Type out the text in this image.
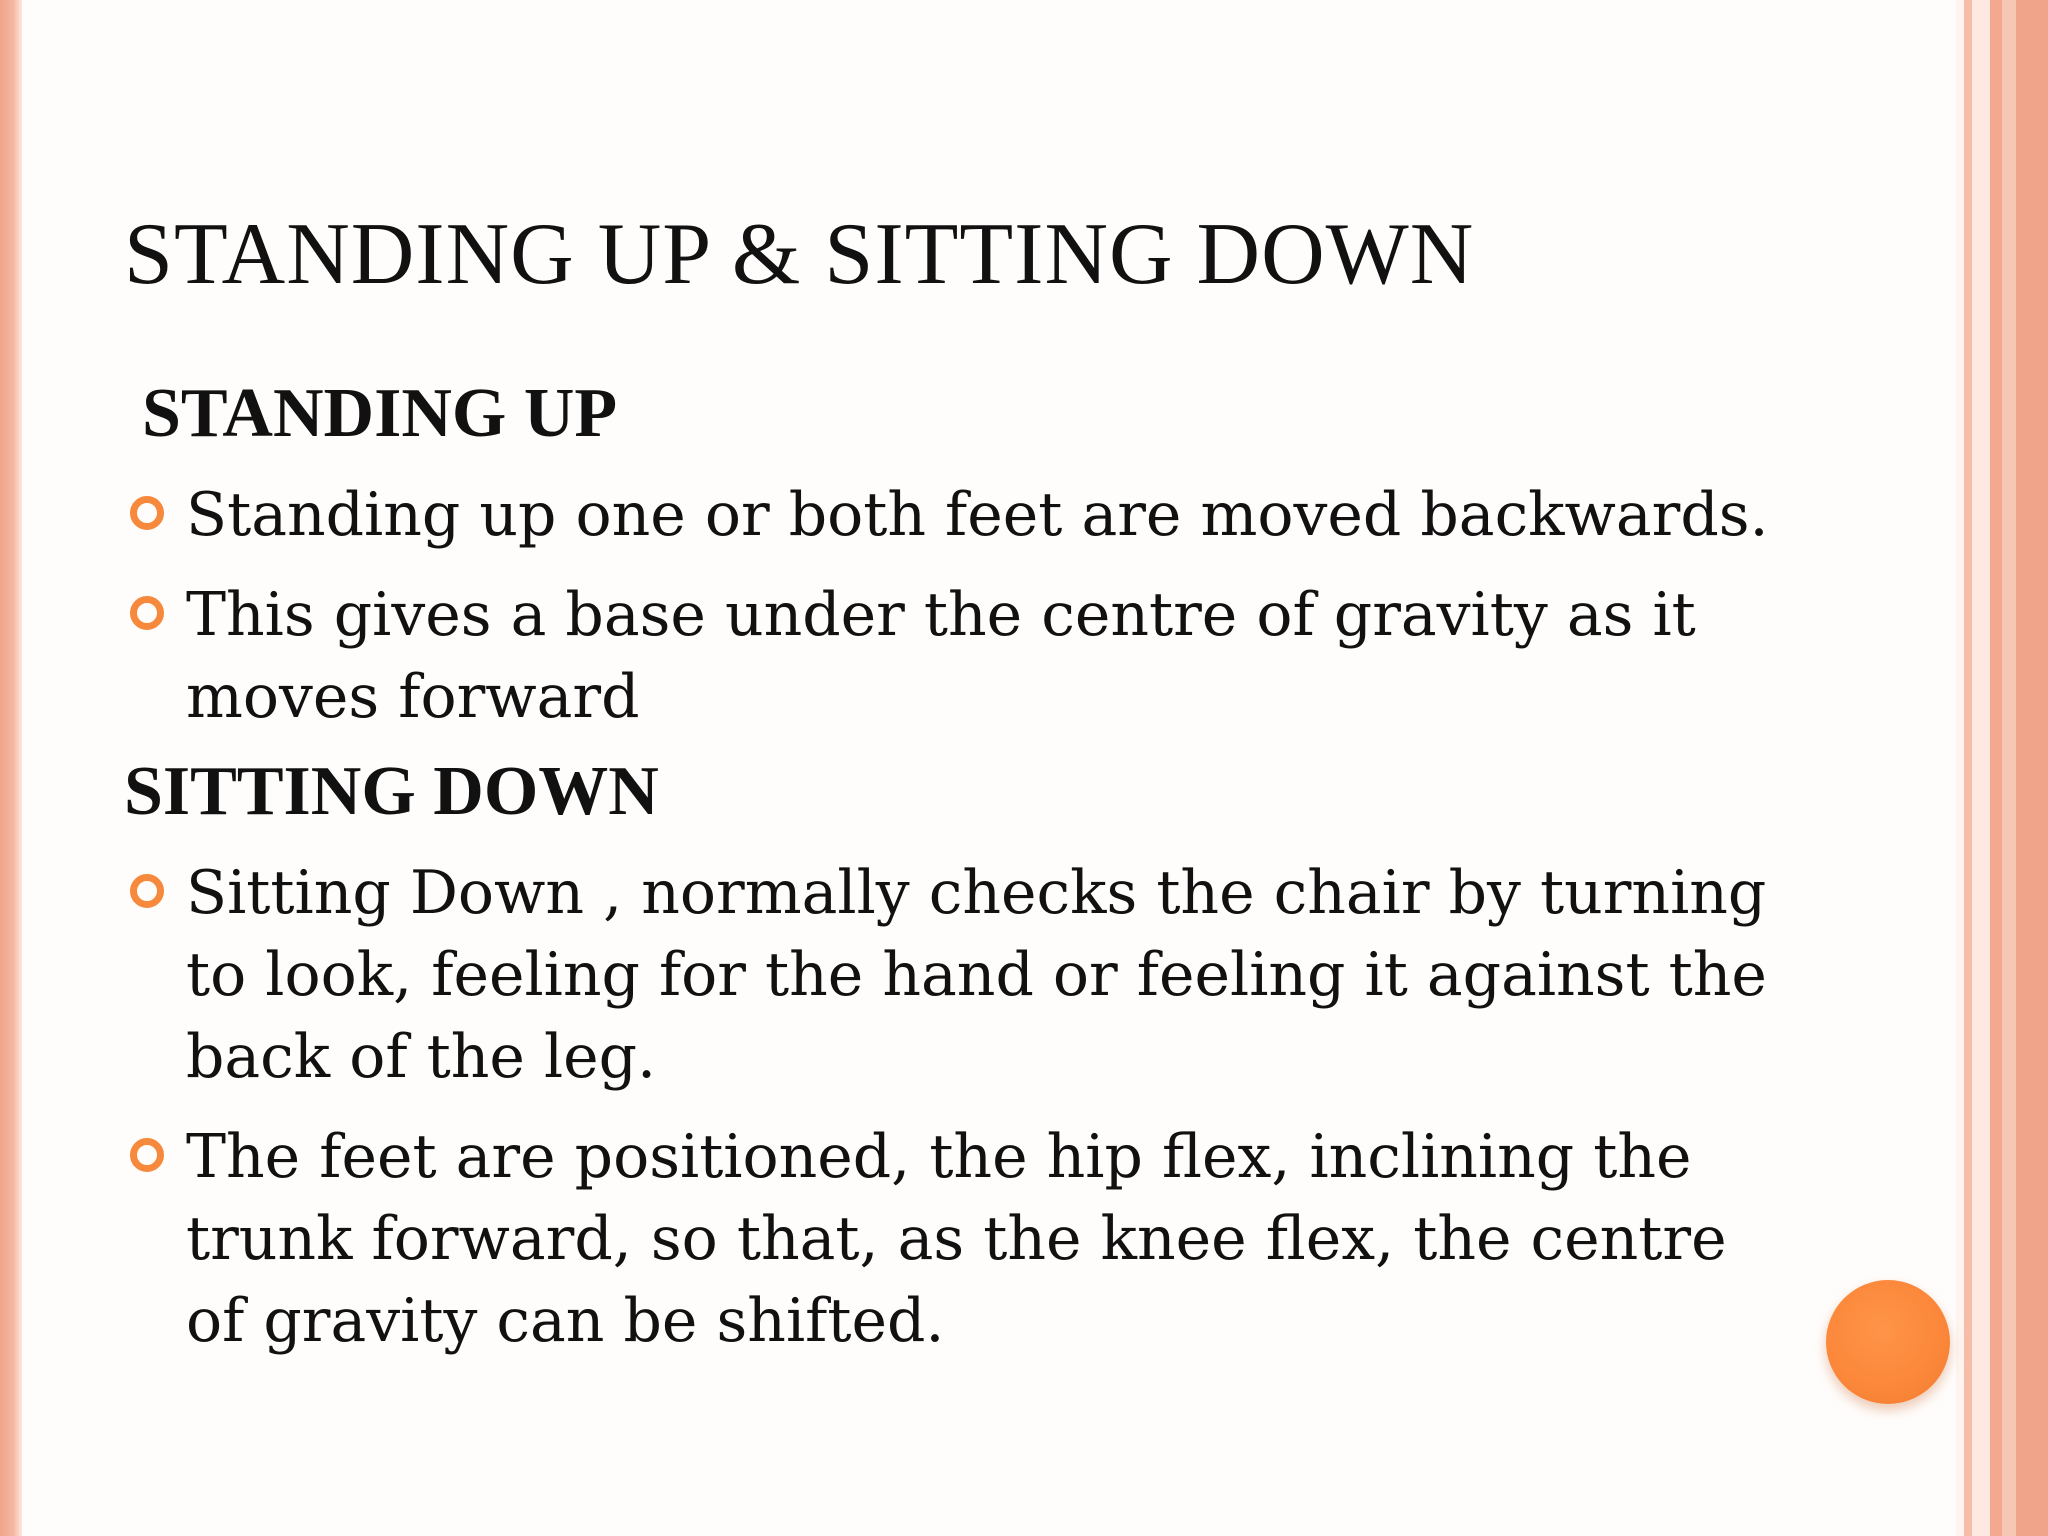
STANDING UP & SITTING DOWN
STANDING UP
Standing up one or both feet are moved backwards.
This gives a base under the centre of gravity as it moves forward
SITTING DOWN
Sitting Down , normally checks the chair by turning to look, feeling for the hand or feeling it against the back of the leg.
The feet are positioned, the hip flex, inclining the trunk forward, so that, as the knee flex, the centre of gravity can be shifted.
